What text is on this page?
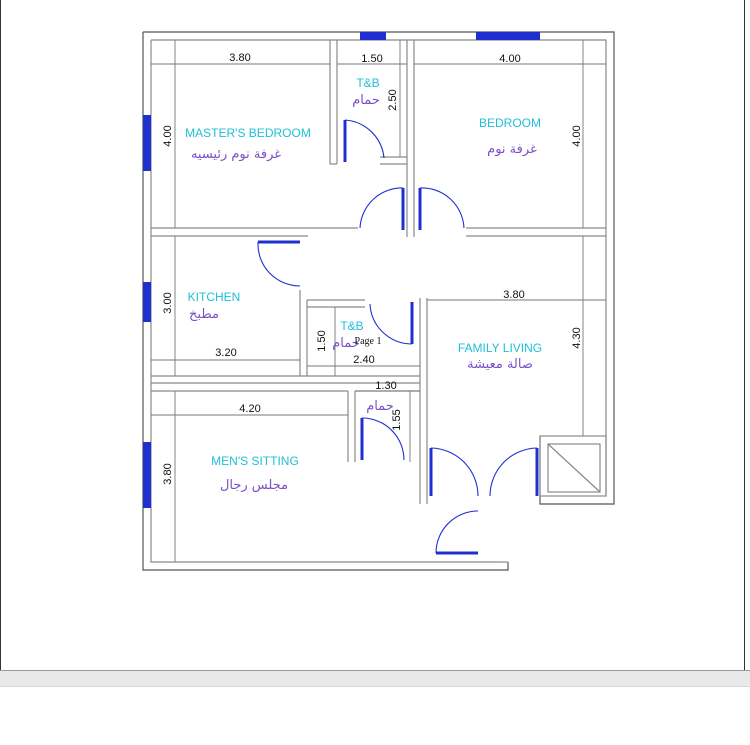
3.80	1.50	4.00
4.00
2.50
4.00
3.00
3.20
1.50
2.40
3.80
4.30
1.30
1.55
4.20
3.80
MASTER'S BEDROOM
غرفة نوم رئيسيه
T&B
حمام
BEDROOM
غرفة نوم
KITCHEN
مطبخ
T&B
حمام
Page 1	FAMILY LIVING
صالة معيشة
حمام
MEN'S SITTING
مجلس رجال
